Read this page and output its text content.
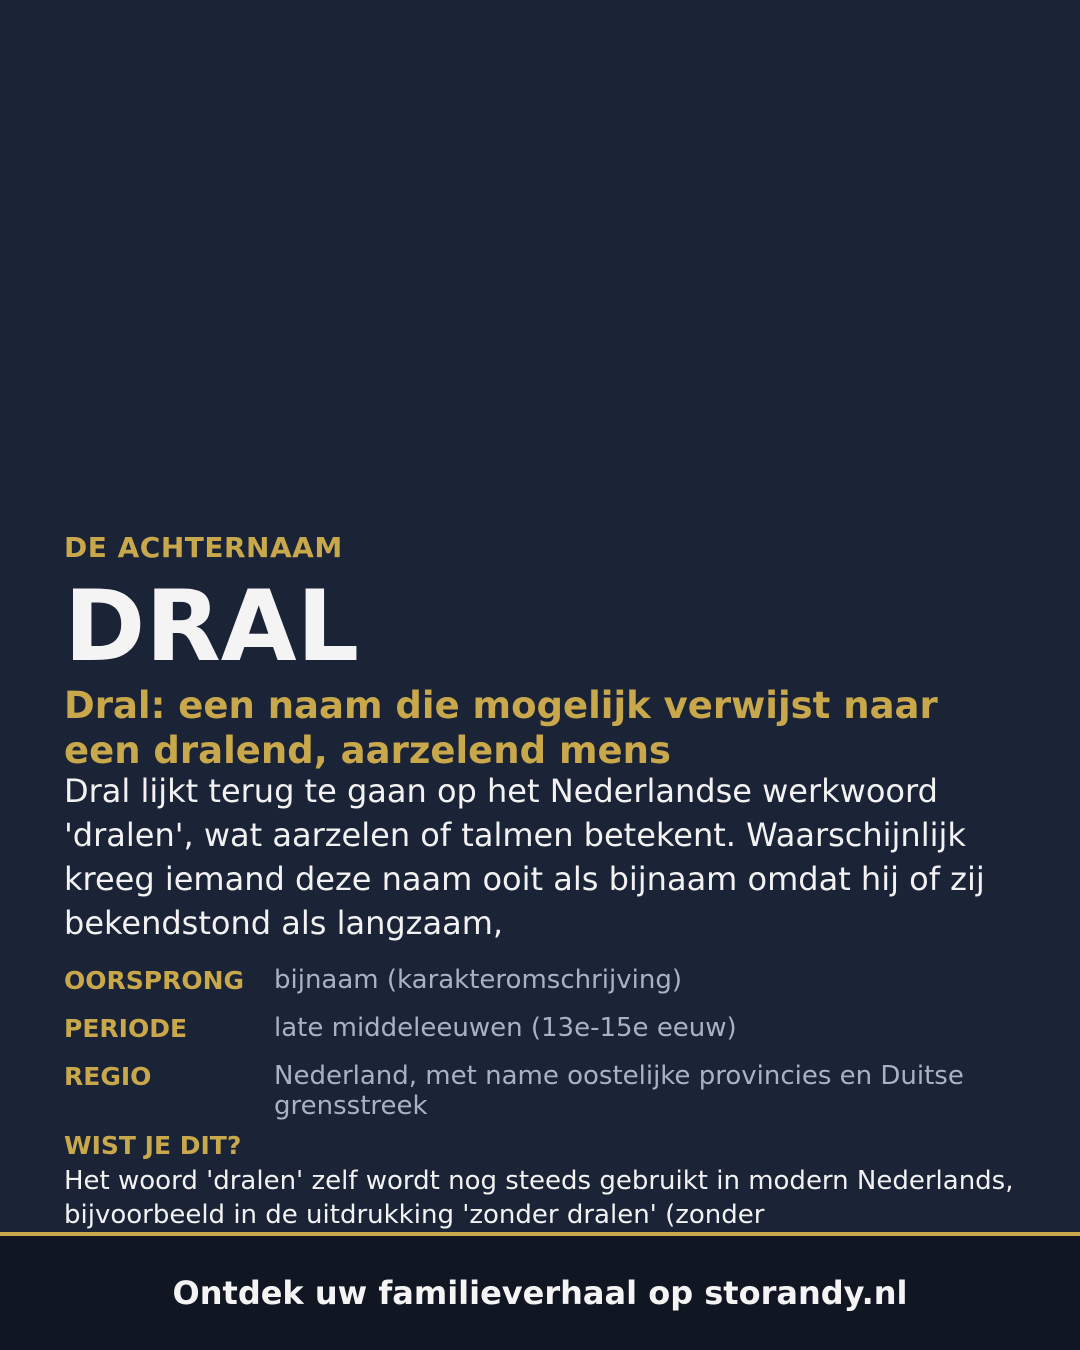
DE ACHTERNAAM
DRAL
Dral: een naam die mogelijk verwijst naar een dralend, aarzelend mens
Dral lijkt terug te gaan op het Nederlandse werkwoord 'dralen', wat aarzelen of talmen betekent. Waarschijnlijk kreeg iemand deze naam ooit als bijnaam omdat hij of zij bekendstond als langzaam,
OORSPRONG	bijnaam (karakteromschrijving)
PERIODE	late middeleeuwen (13e-15e eeuw)
REGIO	Nederland, met name oostelijke provincies en Duitse grensstreek
WIST JE DIT?
Het woord 'dralen' zelf wordt nog steeds gebruikt in modern Nederlands, bijvoorbeeld in de uitdrukking 'zonder dralen' (zonder
Ontdek uw familieverhaal op storandy.nl
